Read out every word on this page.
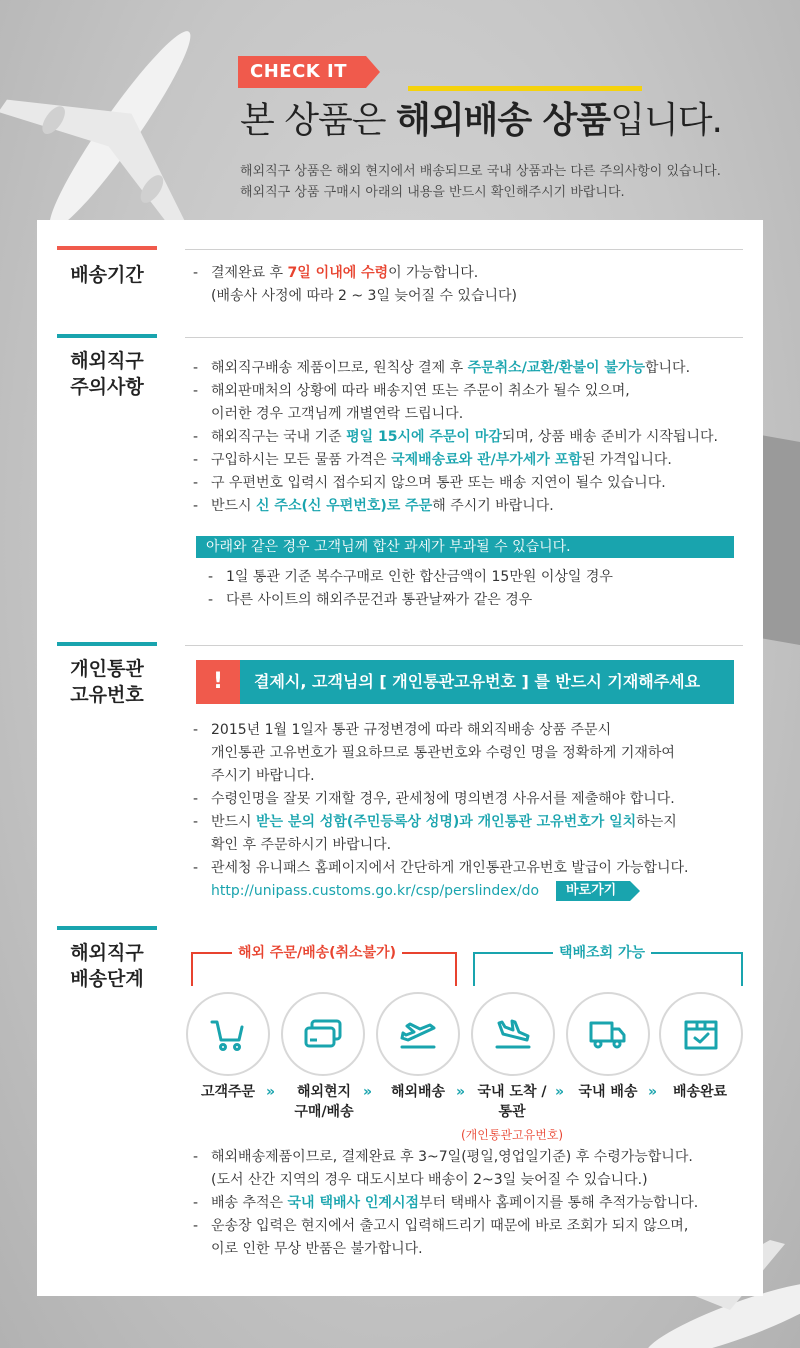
CHECK IT
본 상품은 해외배송 상품입니다.
해외직구 상품은 해외 현지에서 배송되므로 국내 상품과는 다른 주의사항이 있습니다.
해외직구 상품 구매시 아래의 내용을 반드시 확인해주시기 바랍니다.
배송기간	- 결제완료 후 7일 이내에 수령이 가능합니다.
(배송사 사정에 따라 2 ~ 3일 늦어질 수 있습니다)
해외직구
주의사항
- 해외직구배송 제품이므로, 원칙상 결제 후 주문취소/교환/환불이 불가능합니다.
- 해외판매처의 상황에 따라 배송지연 또는 주문이 취소가 될수 있으며,
이러한 경우 고객님께 개별연락 드립니다.
- 해외직구는 국내 기준 평일 15시에 주문이 마감되며, 상품 배송 준비가 시작됩니다.
- 구입하시는 모든 물품 가격은 국제배송료와 관/부가세가 포함된 가격입니다.
- 구 우편번호 입력시 접수되지 않으며 통관 또는 배송 지연이 될수 있습니다.
- 반드시 신 주소(신 우편번호)로 주문해 주시기 바랍니다.
아래와 같은 경우 고객님께 합산 과세가 부과될 수 있습니다.
- 1일 통관 기준 복수구매로 인한 합산금액이 15만원 이상일 경우
- 다른 사이트의 해외주문건과 통관날짜가 같은 경우
개인통관
고유번호
!	결제시, 고객님의 [ 개인통관고유번호 ] 를 반드시 기재해주세요
- 2015년 1월 1일자 통관 규정변경에 따라 해외직배송 상품 주문시
개인통관 고유번호가 필요하므로 통관번호와 수령인 명을 정확하게 기재하여
주시기 바랍니다.
- 수령인명을 잘못 기재할 경우, 관세청에 명의변경 사유서를 제출해야 합니다.
- 반드시 받는 분의 성함(주민등록상 성명)과 개인통관 고유번호가 일치하는지
확인 후 주문하시기 바랍니다.
- 관세청 유니패스 홈페이지에서 간단하게 개인통관고유번호 발급이 가능합니다.
http://unipass.customs.go.kr/csp/perslindex/do	바로가기
해외직구
배송단계
해외 주문/배송(취소불가)	택배조회 가능
고객주문 »	해외현지
구매/배송
»	해외배송 » 국내 도착 /
통관
»	국내 배송 »	배송완료
(개인통관고유번호)
- 해외배송제품이므로, 결제완료 후 3~7일(평일,영업일기준) 후 수령가능합니다.
(도서 산간 지역의 경우 대도시보다 배송이 2~3일 늦어질 수 있습니다.)
- 배송 추적은 국내 택배사 인계시점부터 택배사 홈페이지를 통해 추적가능합니다.
- 운송장 입력은 현지에서 출고시 입력해드리기 때문에 바로 조회가 되지 않으며,
이로 인한 무상 반품은 불가합니다.
